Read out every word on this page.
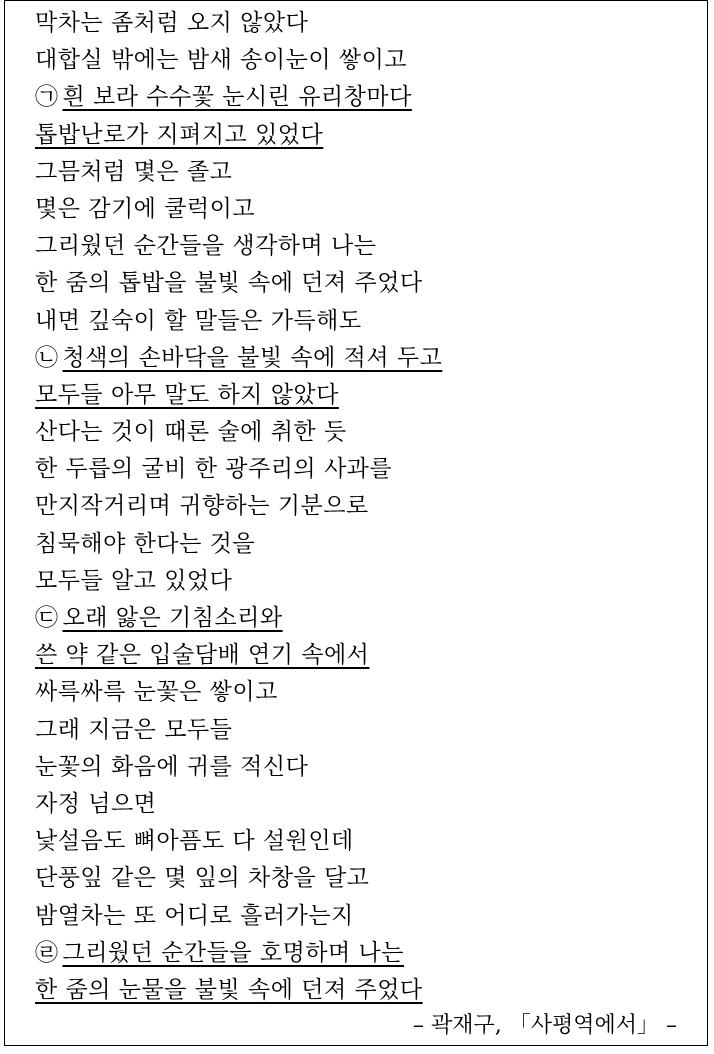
막차는 좀처럼 오지 않았다
대합실 밖에는 밤새 송이눈이 쌓이고
㉠ 흰 보라 수수꽃 눈시린 유리창마다
톱밥난로가 지펴지고 있었다
그믐처럼 몇은 졸고
몇은 감기에 쿨럭이고
그리웠던 순간들을 생각하며 나는
한 줌의 톱밥을 불빛 속에 던져 주었다
내면 깊숙이 할 말들은 가득해도
㉡ 청색의 손바닥을 불빛 속에 적셔 두고
모두들 아무 말도 하지 않았다
산다는 것이 때론 술에 취한 듯
한 두릅의 굴비 한 광주리의 사과를
만지작거리며 귀향하는 기분으로
침묵해야 한다는 것을
모두들 알고 있었다
㉢ 오래 앓은 기침소리와
쓴 약 같은 입술담배 연기 속에서
싸륵싸륵 눈꽃은 쌓이고
그래 지금은 모두들
눈꽃의 화음에 귀를 적신다
자정 넘으면
낯설음도 뼈아픔도 다 설원인데
단풍잎 같은 몇 잎의 차창을 달고
밤열차는 또 어디로 흘러가는지
㉣ 그리웠던 순간들을 호명하며 나는
한 줌의 눈물을 불빛 속에 던져 주었다
– 곽재구, 「사평역에서」 –
